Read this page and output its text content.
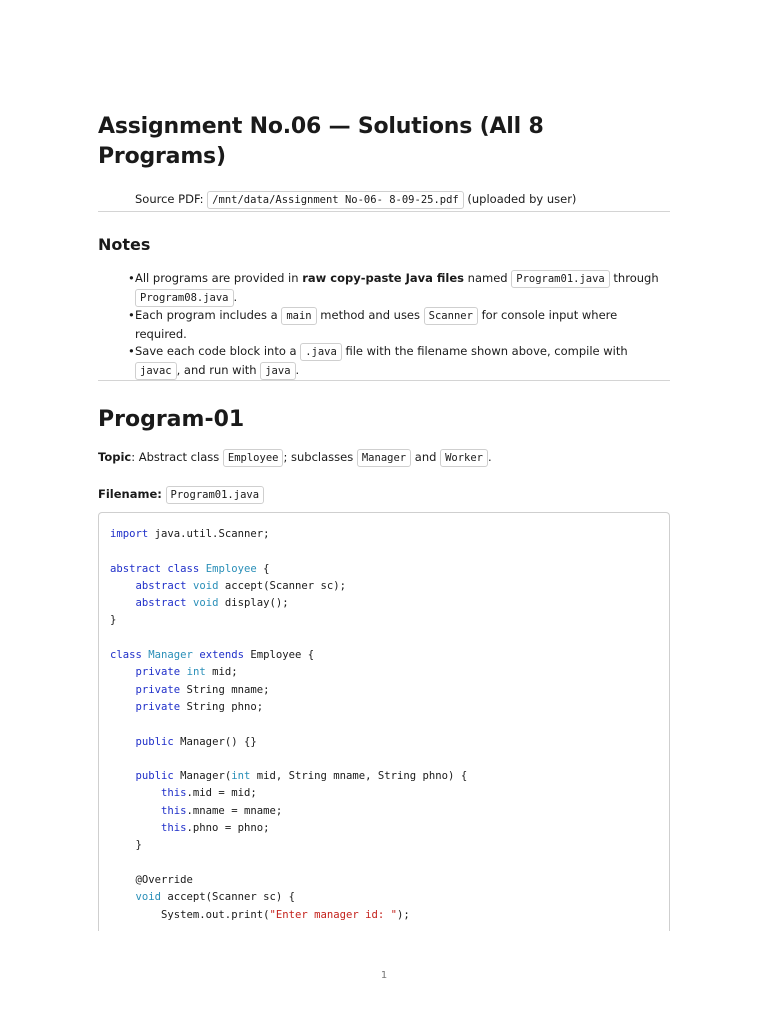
Assignment No.06 — Solutions (All 8 Programs)
Source PDF: /mnt/data/Assignment No-06- 8-09-25.pdf (uploaded by user)
Notes
• All programs are provided in raw copy-paste Java files named Program01.java through Program08.java .
• Each program includes a main method and uses Scanner for console input where required.
• Save each code block into a .java file with the filename shown above, compile with javac , and run with java .
Program-01
Topic: Abstract class Employee ; subclasses Manager and Worker .
Filename: Program01.java
import java.util.Scanner;

abstract class Employee {
abstract void accept(Scanner sc);
abstract void display();
}

class Manager extends Employee {
private int mid;
private String mname;
private String phno;

public Manager() {}

public Manager(int mid, String mname, String phno) {
this.mid = mid;
this.mname = mname;
this.phno = phno;
}

@Override
void accept(Scanner sc) {
System.out.print("Enter manager id: ");
1
